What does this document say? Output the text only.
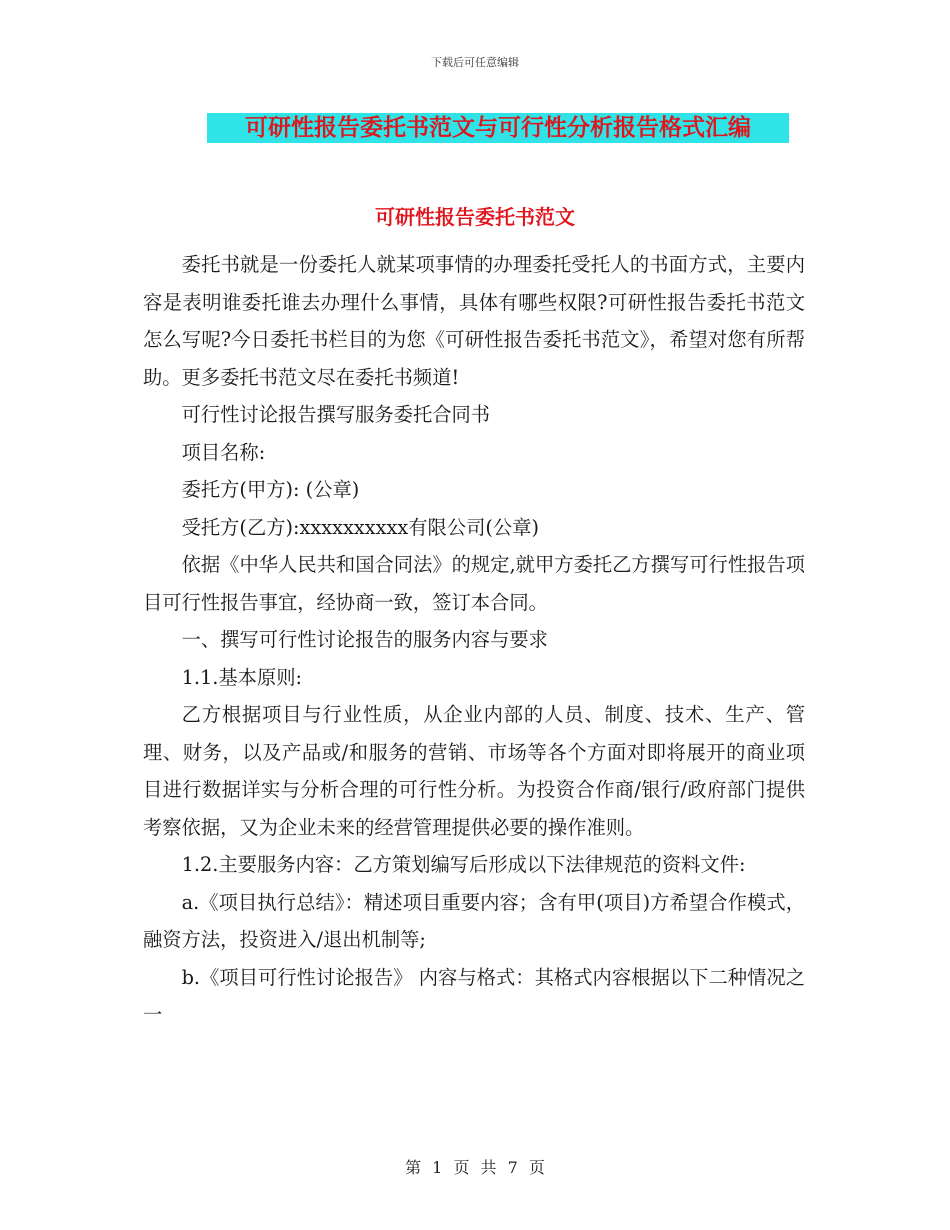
下载后可任意编辑
可研性报告委托书范文与可行性分析报告格式汇编
可研性报告委托书范文

委托书就是一份委托人就某项事情的办理委托受托人的书面方式，主要内容是表明谁委托谁去办理什么事情，具体有哪些权限?可研性报告委托书范文怎么写呢?今日委托书栏目的为您《可研性报告委托书范文》，希望对您有所帮助。更多委托书范文尽在委托书频道!

可行性讨论报告撰写服务委托合同书

项目名称:

委托方(甲方): (公章)

受托方(乙方):xxxxxxxxxx有限公司(公章)

依据《中华人民共和国合同法》的规定,就甲方委托乙方撰写可行性报告项目可行性报告事宜，经协商一致，签订本合同。

一、撰写可行性讨论报告的服务内容与要求

1.1.基本原则:

乙方根据项目与行业性质，从企业内部的人员、制度、技术、生产、管理、财务，以及产品或/和服务的营销、市场等各个方面对即将展开的商业项目进行数据详实与分析合理的可行性分析。为投资合作商/银行/政府部门提供考察依据，又为企业未来的经营管理提供必要的操作准则。

1.2.主要服务内容：乙方策划编写后形成以下法律规范的资料文件:

a.《项目执行总结》：精述项目重要内容；含有甲(项目)方希望合作模式，融资方法，投资进入/退出机制等;

b.《项目可行性讨论报告》 内容与格式：其格式内容根据以下二种情况之一

第 1 页 共 7 页
